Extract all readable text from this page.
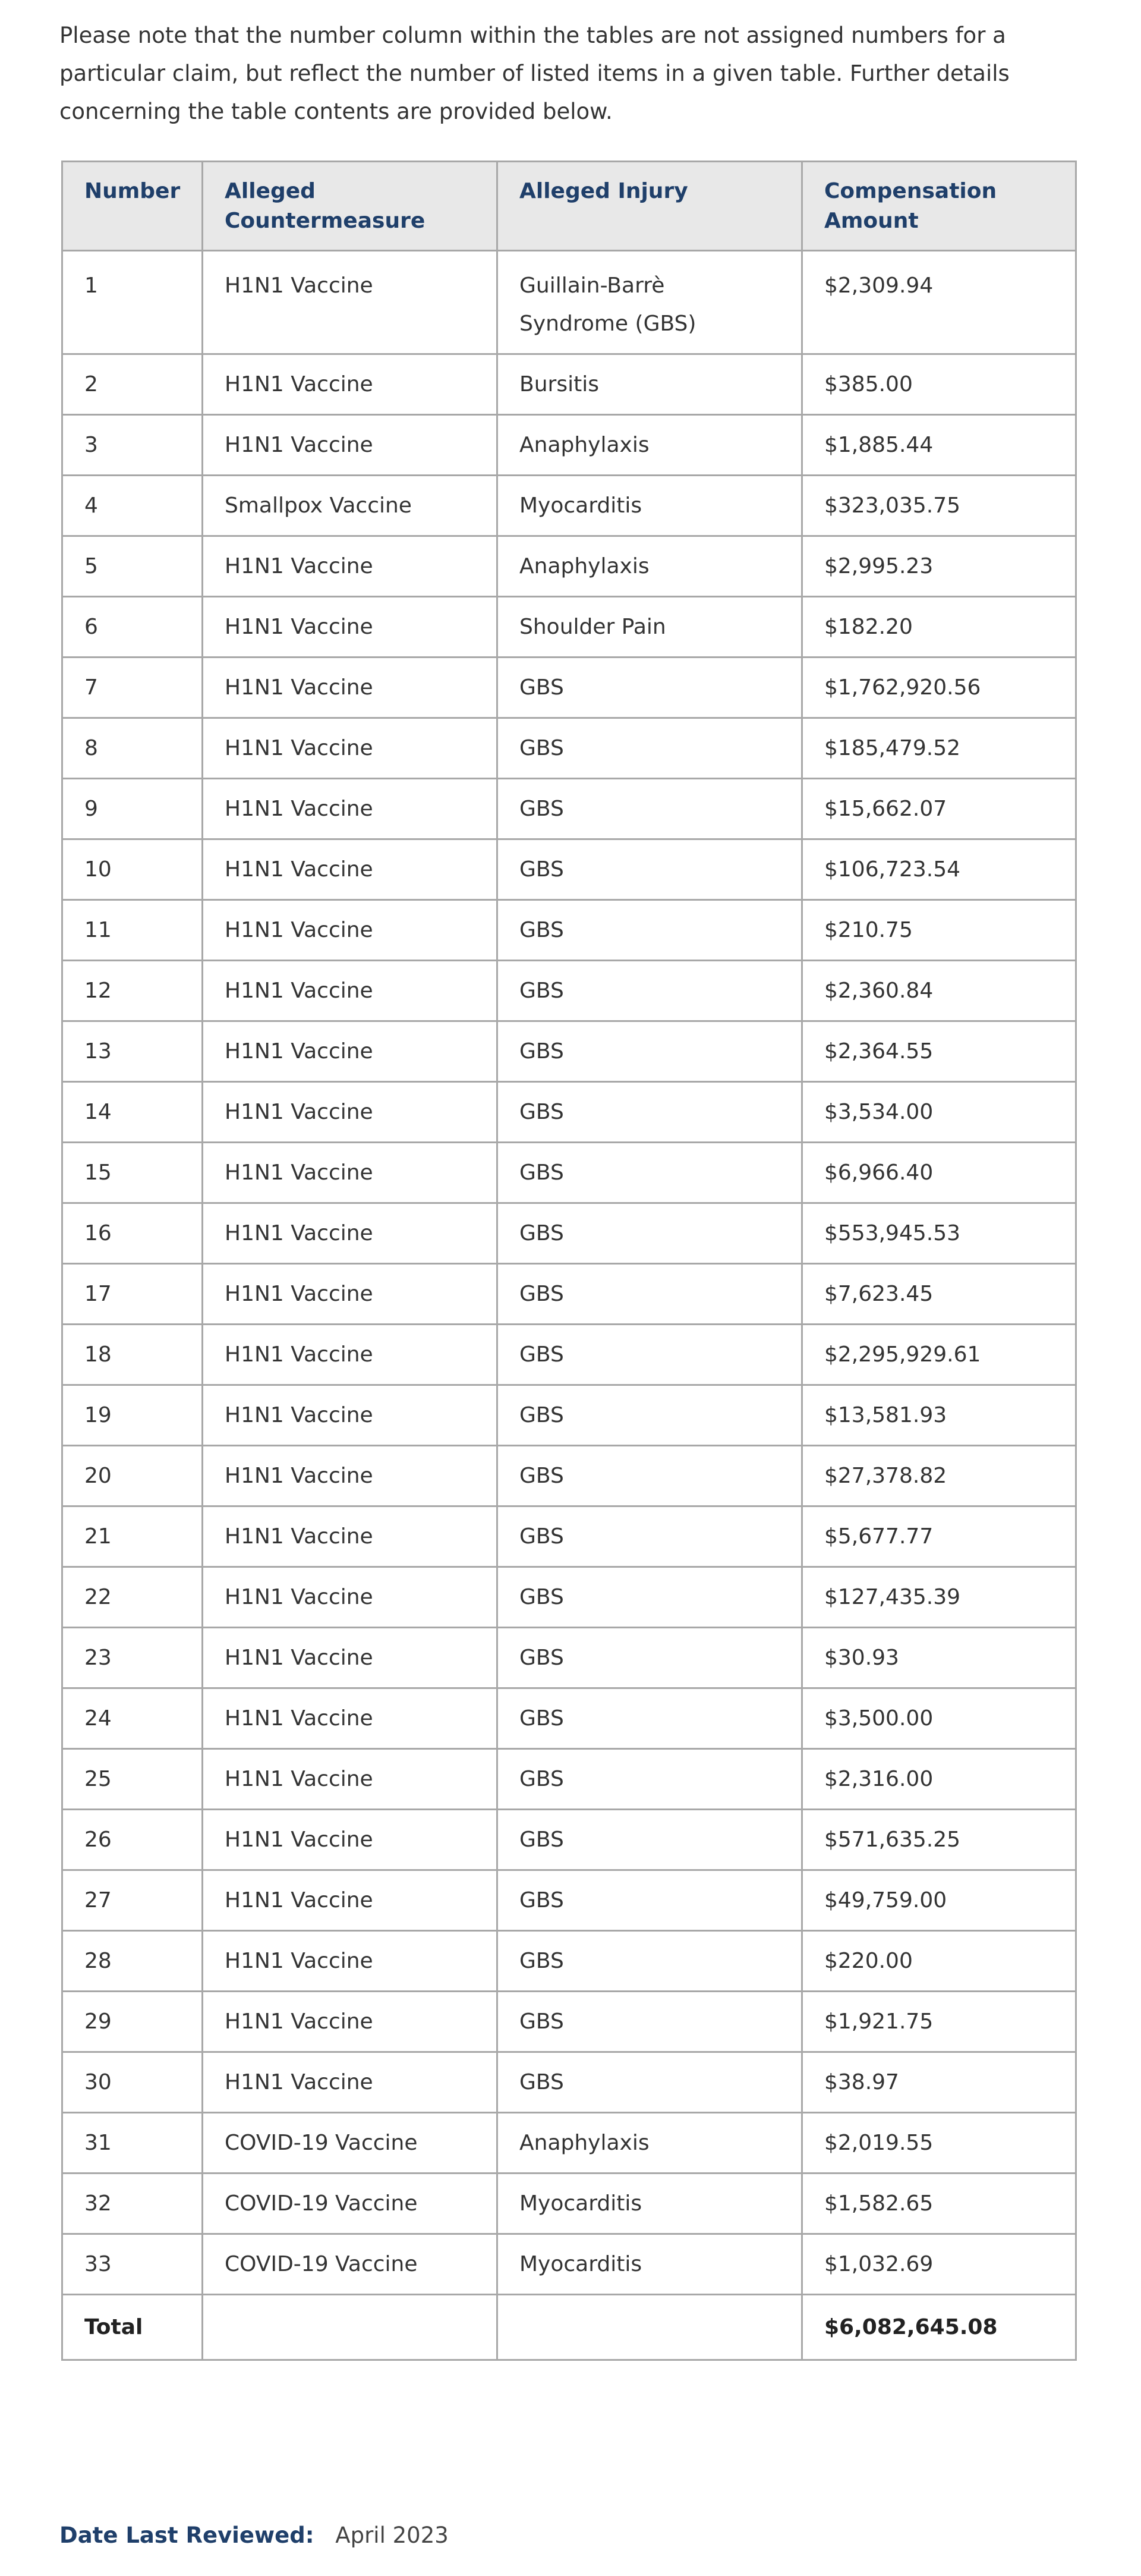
Please note that the number column within the tables are not assigned numbers for a particular claim, but reflect the number of listed items in a given table. Further details concerning the table contents are provided below.

Number	Alleged Countermeasure	Alleged Injury	Compensation Amount
1	H1N1 Vaccine	Guillain-Barrè Syndrome (GBS)	$2,309.94
2	H1N1 Vaccine	Bursitis	$385.00
3	H1N1 Vaccine	Anaphylaxis	$1,885.44
4	Smallpox Vaccine	Myocarditis	$323,035.75
5	H1N1 Vaccine	Anaphylaxis	$2,995.23
6	H1N1 Vaccine	Shoulder Pain	$182.20
7	H1N1 Vaccine	GBS	$1,762,920.56
8	H1N1 Vaccine	GBS	$185,479.52
9	H1N1 Vaccine	GBS	$15,662.07
10	H1N1 Vaccine	GBS	$106,723.54
11	H1N1 Vaccine	GBS	$210.75
12	H1N1 Vaccine	GBS	$2,360.84
13	H1N1 Vaccine	GBS	$2,364.55
14	H1N1 Vaccine	GBS	$3,534.00
15	H1N1 Vaccine	GBS	$6,966.40
16	H1N1 Vaccine	GBS	$553,945.53
17	H1N1 Vaccine	GBS	$7,623.45
18	H1N1 Vaccine	GBS	$2,295,929.61
19	H1N1 Vaccine	GBS	$13,581.93
20	H1N1 Vaccine	GBS	$27,378.82
21	H1N1 Vaccine	GBS	$5,677.77
22	H1N1 Vaccine	GBS	$127,435.39
23	H1N1 Vaccine	GBS	$30.93
24	H1N1 Vaccine	GBS	$3,500.00
25	H1N1 Vaccine	GBS	$2,316.00
26	H1N1 Vaccine	GBS	$571,635.25
27	H1N1 Vaccine	GBS	$49,759.00
28	H1N1 Vaccine	GBS	$220.00
29	H1N1 Vaccine	GBS	$1,921.75
30	H1N1 Vaccine	GBS	$38.97
31	COVID-19 Vaccine	Anaphylaxis	$2,019.55
32	COVID-19 Vaccine	Myocarditis	$1,582.65
33	COVID-19 Vaccine	Myocarditis	$1,032.69
Total			$6,082,645.08
Date Last Reviewed: April 2023
